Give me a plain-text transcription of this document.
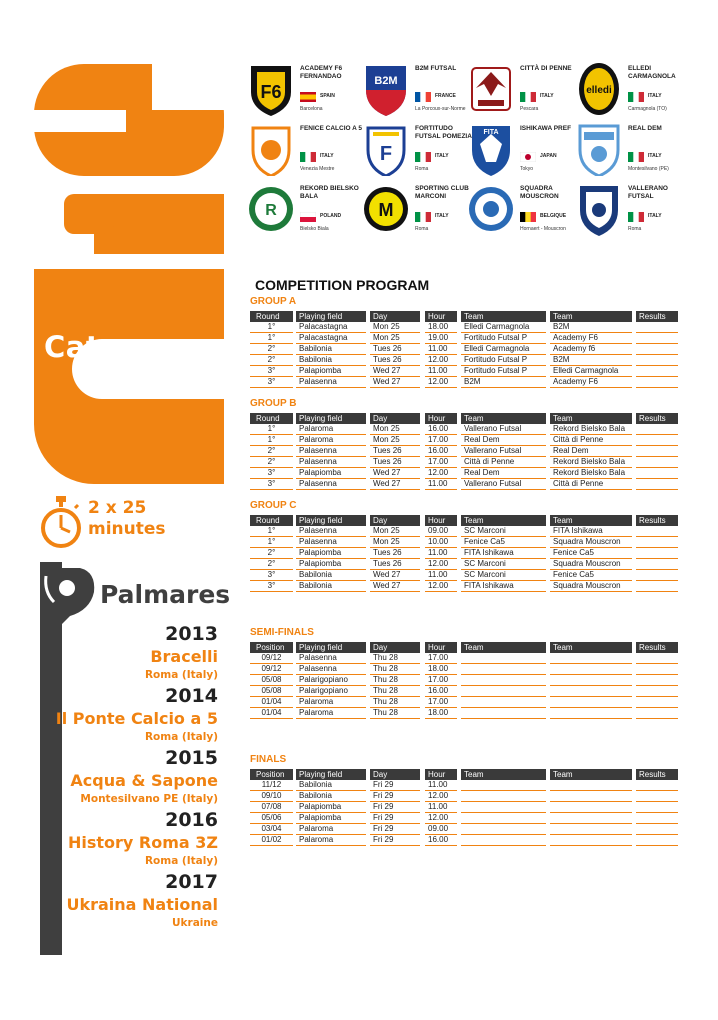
Category
2 x 25
minutes
Palmares
2013
Bracelli
Roma (Italy)
2014
Il Ponte Calcio a 5
Roma (Italy)
2015
Acqua & Sapone
Montesilvano PE (Italy)
2016
History Roma 3Z
Roma (Italy)
2017
Ukraina National
Ukraine
F6
ACADEMY F6 FERNANDAO
SPAIN
Barcelona
B2M
B2M FUTSAL
FRANCE
La Porcoux-sur-Norme
CITTÀ DI PENNE
ITALY
Pescara
elledi
ELLEDI CARMAGNOLA
ITALY
Carmagnola (TO)
FENICE CALCIO A 5
ITALY
Venezia Mestre
F
FORTITUDO FUTSAL POMEZIA
ITALY
Roma
FITA
ISHIKAWA PREF
JAPAN
Tokyo
REAL DEM
ITALY
Montesilvano (PE)
R
REKORD BIELSKO BALA
POLAND
Bielsko Biala
M
SPORTING CLUB MARCONI
ITALY
Roma
SQUADRA MOUSCRON
BELGIQUE
Hornaert - Mouscron
VALLERANO FUTSAL
ITALY
Roma
COMPETITION PROGRAM
GROUP A
Round	Playing field	Day	Hour	Team	Team	Results
1°	Palacastagna	Mon 25	18.00	Elledi Carmagnola	B2M
1°	Palacastagna	Mon 25	19.00	Fortitudo Futsal P	Academy F6
2°	Babilonia	Tues 26	11.00	Elledi Carmagnola	Academy f6
2°	Babilonia	Tues 26	12.00	Fortitudo Futsal P	B2M
3°	Palapiomba	Wed 27	11.00	Fortitudo Futsal P	Elledi Carmagnola
3°	Palasenna	Wed 27	12.00	B2M	Academy F6
GROUP B
Round	Playing field	Day	Hour	Team	Team	Results
1°	Palaroma	Mon 25	16.00	Vallerano Futsal	Rekord Bielsko Bala
1°	Palaroma	Mon 25	17.00	Real Dem	Città di Penne
2°	Palasenna	Tues 26	16.00	Vallerano Futsal	Real Dem
2°	Palasenna	Tues 26	17.00	Città di Penne	Rekord Bielsko Bala
3°	Palapiomba	Wed 27	12.00	Real Dem	Rekord Bielsko Bala
3°	Palasenna	Wed 27	11.00	Vallerano Futsal	Città di Penne
GROUP C
Round	Playing field	Day	Hour	Team	Team	Results
1°	Palasenna	Mon 25	09.00	SC Marconi	FITA Ishikawa
1°	Palasenna	Mon 25	10.00	Fenice Ca5	Squadra Mouscron
2°	Palapiomba	Tues 26	11.00	FITA Ishikawa	Fenice Ca5
2°	Palapiomba	Tues 26	12.00	SC Marconi	Squadra Mouscron
3°	Babilonia	Wed 27	11.00	SC Marconi	Fenice Ca5
3°	Babilonia	Wed 27	12.00	FITA Ishikawa	Squadra Mouscron
SEMI-FINALS
Position	Playing field	Day	Hour	Team	Team	Results
09/12	Palasenna	Thu 28	17.00
09/12	Palasenna	Thu 28	18.00
05/08	Palarigopiano	Thu 28	17.00
05/08	Palarigopiano	Thu 28	16.00
01/04	Palaroma	Thu 28	17.00
01/04	Palaroma	Thu 28	18.00
FINALS
Position	Playing field	Day	Hour	Team	Team	Results
11/12	Babilonia	Fri 29	11.00
09/10	Babilonia	Fri 29	12.00
07/08	Palapiomba	Fri 29	11.00
05/06	Palapiomba	Fri 29	12.00
03/04	Palaroma	Fri 29	09.00
01/02	Palaroma	Fri 29	16.00
